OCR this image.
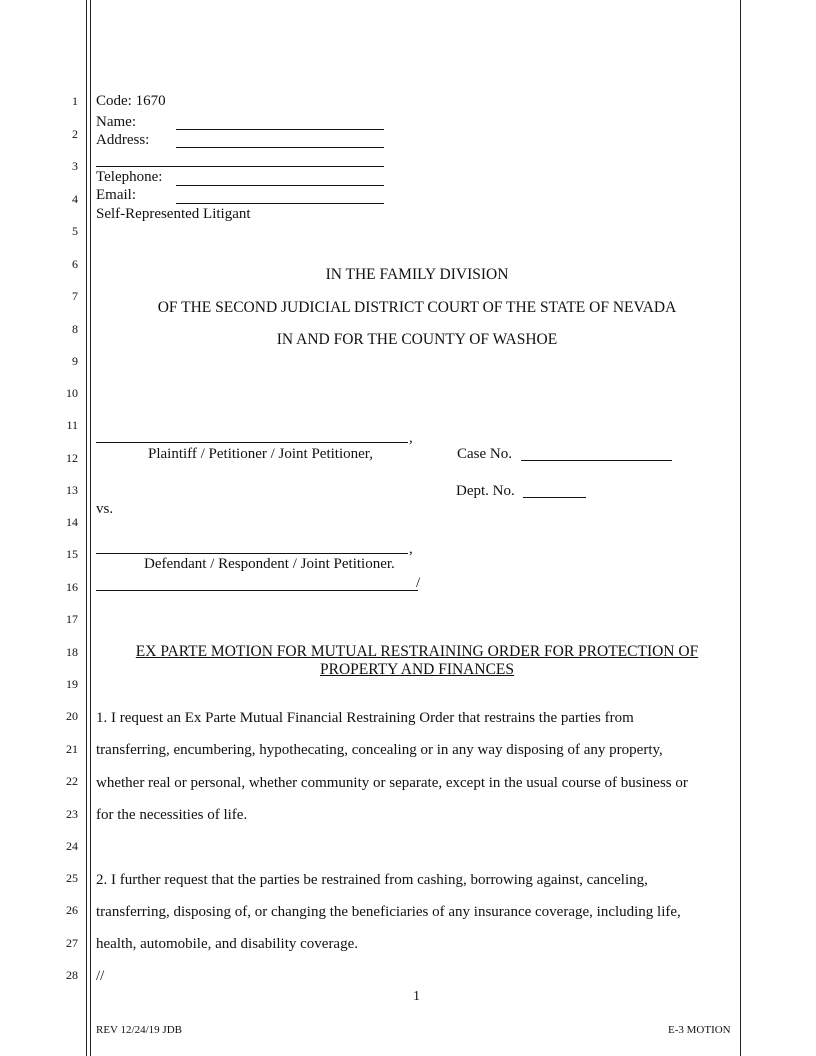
1
2
3
4
5
6
7
8
9
10
11
12
13
14
15
16
17
18
19
20
21
22
23
24
25
26
27
28
Code: 1670
Name:
Address:
Telephone:
Email:
Self-Represented Litigant
IN THE FAMILY DIVISION
OF THE SECOND JUDICIAL DISTRICT COURT OF THE STATE OF NEVADA
IN AND FOR THE COUNTY OF WASHOE
,
Plaintiff / Petitioner / Joint Petitioner,	Case No.
Dept. No.
vs.
,
Defendant / Respondent / Joint Petitioner.
/
EX PARTE MOTION FOR MUTUAL RESTRAINING ORDER FOR PROTECTION OF
PROPERTY AND FINANCES
1. I request an Ex Parte Mutual Financial Restraining Order that restrains the parties from
transferring, encumbering, hypothecating, concealing or in any way disposing of any property,
whether real or personal, whether community or separate, except in the usual course of business or
for the necessities of life.
2. I further request that the parties be restrained from cashing, borrowing against, canceling,
transferring, disposing of, or changing the beneficiaries of any insurance coverage, including life,
health, automobile, and disability coverage.
//
1
REV 12/24/19 JDB	E-3 MOTION
